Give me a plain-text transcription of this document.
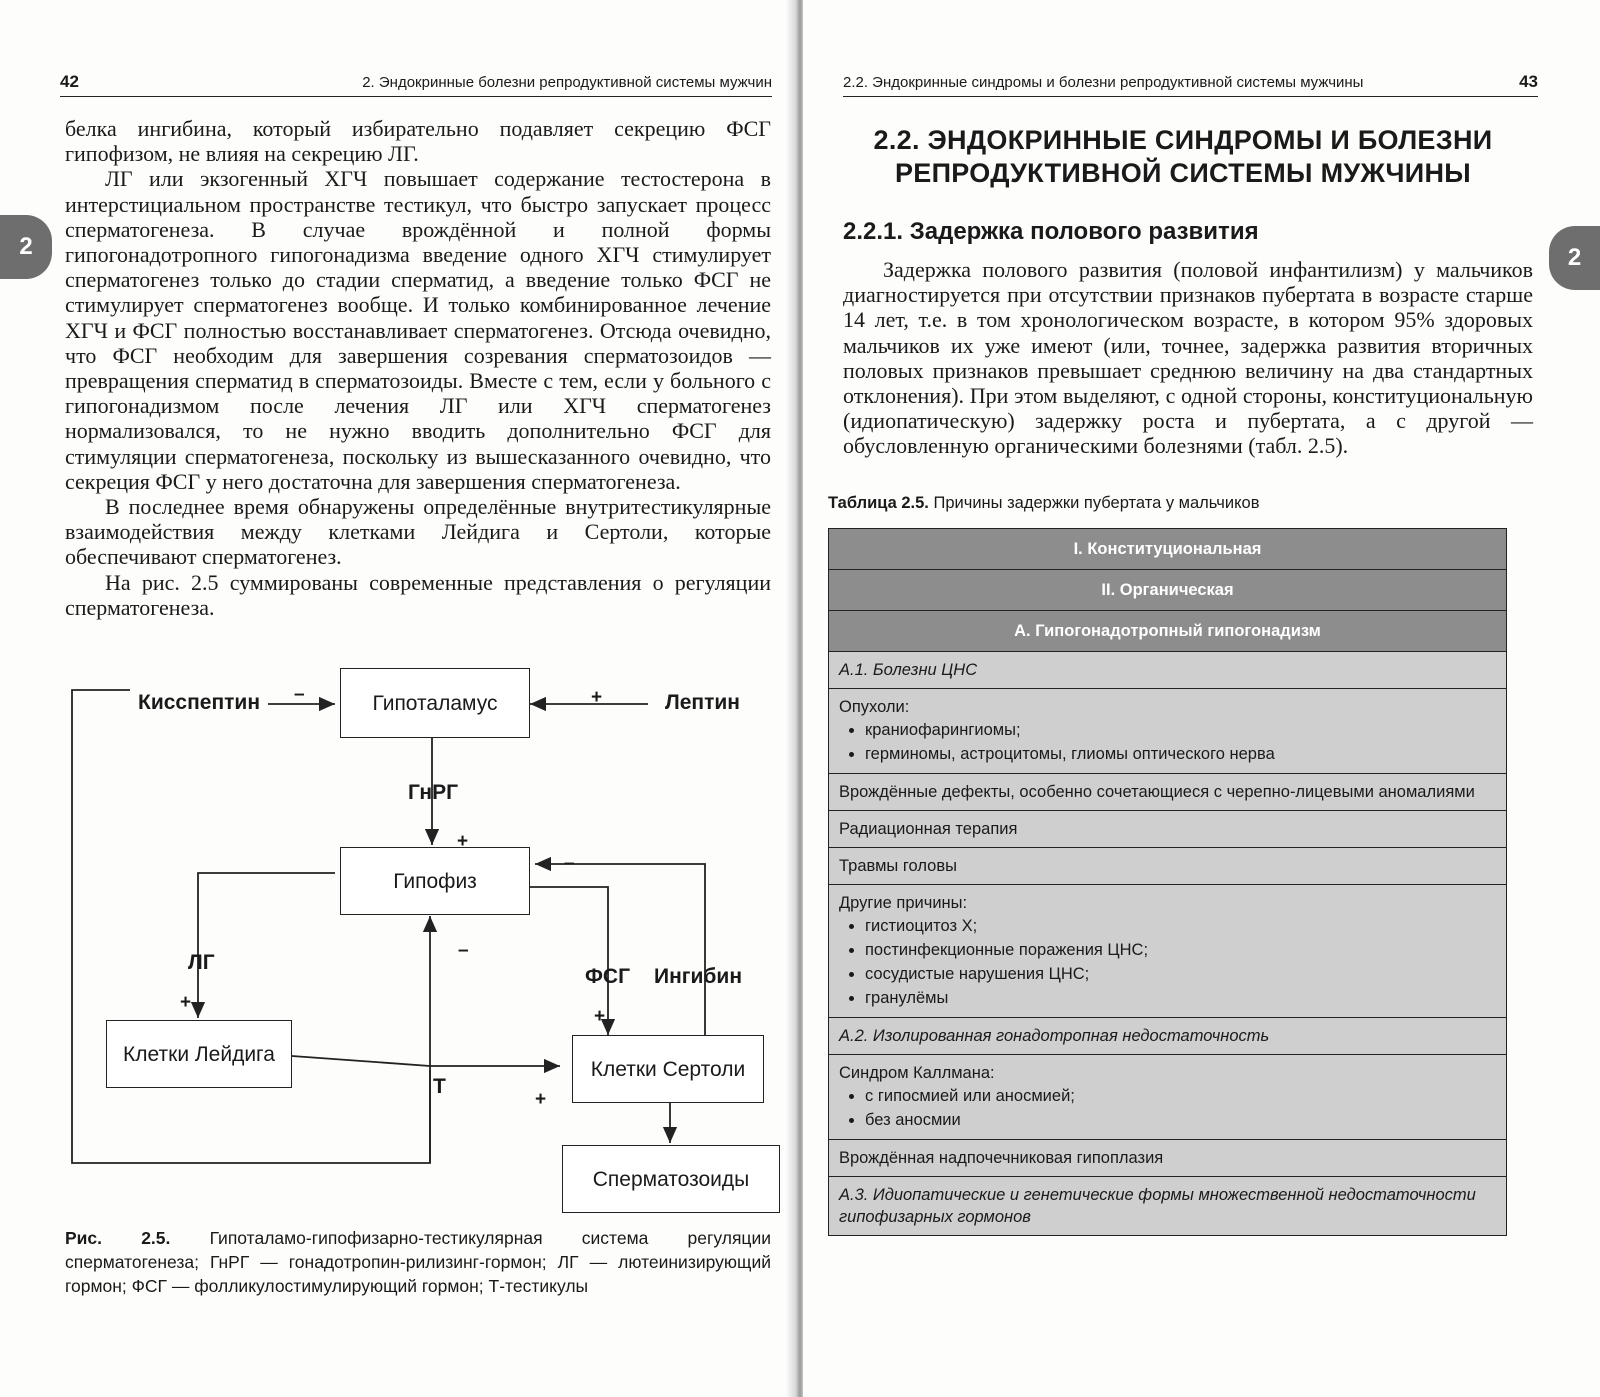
42	2. Эндокринные болезни репродуктивной системы мужчин
2

белка ингибина, который избирательно подавляет секрецию ФСГ гипофизом, не влияя на секрецию ЛГ.

ЛГ или экзогенный ХГЧ повышает содержание тестостерона в интерстициальном пространстве тестикул, что быстро запускает процесс сперматогенеза. В случае врождённой и полной формы гипогонадотропного гипогонадизма введение одного ХГЧ стимулирует сперматогенез только до стадии сперматид, а введение только ФСГ не стимулирует сперматогенез вообще. И только комбинированное лечение ХГЧ и ФСГ полностью восстанавливает сперматогенез. Отсюда очевидно, что ФСГ необходим для завершения созревания сперматозоидов — превращения сперматид в сперматозоиды. Вместе с тем, если у больного с гипогонадизмом после лечения ЛГ или ХГЧ сперматогенез нормализовался, то не нужно вводить дополнительно ФСГ для стимуляции сперматогенеза, поскольку из вышесказанного очевидно, что секреция ФСГ у него достаточна для завершения сперматогенеза.

В последнее время обнаружены определённые внутритестикулярные взаимодействия между клетками Лейдига и Сертоли, которые обеспечивают сперматогенез.

На рис. 2.5 суммированы современные представления о регуляции сперматогенеза.

Гипоталамус
Гипофиз
Клетки Лейдига
Клетки Сертоли
Сперматозоиды
Кисспептин	Лептин
ГнРГ
ЛГ
ФСГ Ингибин
Т
–	+
+
–
–
+
+
+
Рис. 2.5. Гипоталамо-гипофизарно-тестикулярная система регуляции сперматогенеза; ГнРГ — гонадотропин-рилизинг-гормон; ЛГ — лютеинизирующий гормон; ФСГ — фолликулостимулирующий гормон; Т-тестикулы
2.2. Эндокринные синдромы и болезни репродуктивной системы мужчины	43
2
2.2. ЭНДОКРИННЫЕ СИНДРОМЫ И БОЛЕЗНИ РЕПРОДУКТИВНОЙ СИСТЕМЫ МУЖЧИНЫ
2.2.1. Задержка полового развития

Задержка полового развития (половой инфантилизм) у мальчиков диагностируется при отсутствии признаков пубертата в возрасте старше 14 лет, т.е. в том хронологическом возрасте, в котором 95% здоровых мальчиков их уже имеют (или, точнее, задержка развития вторичных половых признаков превышает среднюю величину на два стандартных отклонения). При этом выделяют, с одной стороны, конституциональную (идиопатическую) задержку роста и пубертата, а с другой — обусловленную органическими болезнями (табл. 2.5).

Таблица 2.5. Причины задержки пубертата у мальчиков
I. Конституциональная
II. Органическая
A. Гипогонадотропный гипогонадизм
A.1. Болезни ЦНС
Опухоли:
• краниофарингиомы;
• герминомы, астроцитомы, глиомы оптического нерва
Врождённые дефекты, особенно сочетающиеся с черепно-лицевыми аномалиями
Радиационная терапия
Травмы головы
Другие причины:
• гистиоцитоз Х;
• постинфекционные поражения ЦНС;
• сосудистые нарушения ЦНС;
• гранулёмы
A.2. Изолированная гонадотропная недостаточность
Синдром Каллмана:
• с гипосмией или аносмией;
• без аносмии
Врождённая надпочечниковая гипоплазия
A.3. Идиопатические и генетические формы множественной недостаточности гипофизарных гормонов
